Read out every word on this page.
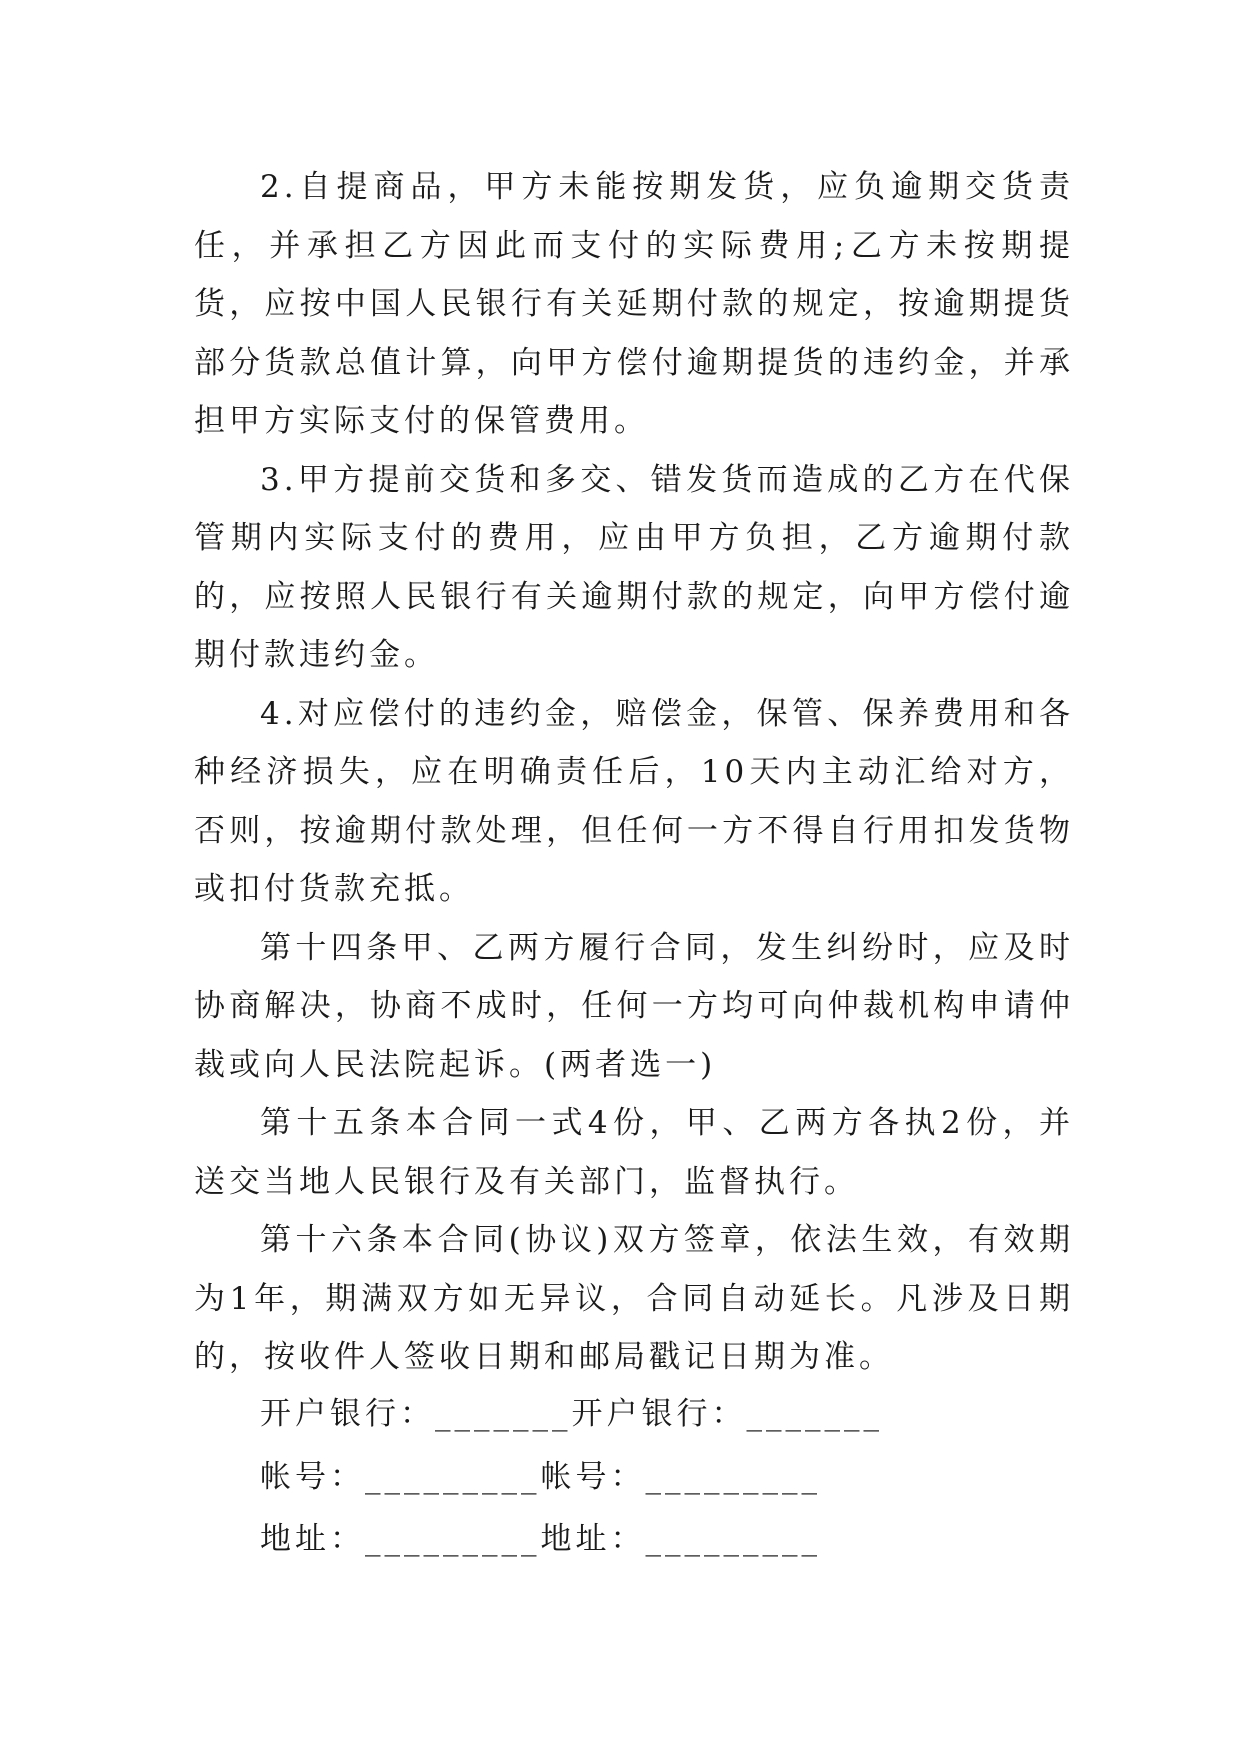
2.自提商品，甲方未能按期发货，应负逾期交货责任，并承担乙方因此而支付的实际费用;乙方未按期提货，应按中国人民银行有关延期付款的规定，按逾期提货部分货款总值计算，向甲方偿付逾期提货的违约金，并承担甲方实际支付的保管费用。

3.甲方提前交货和多交、错发货而造成的乙方在代保管期内实际支付的费用，应由甲方负担，乙方逾期付款的，应按照人民银行有关逾期付款的规定，向甲方偿付逾期付款违约金。

4.对应偿付的违约金，赔偿金，保管、保养费用和各种经济损失，应在明确责任后，10天内主动汇给对方，否则，按逾期付款处理，但任何一方不得自行用扣发货物或扣付货款充抵。

第十四条甲、乙两方履行合同，发生纠纷时，应及时协商解决，协商不成时，任何一方均可向仲裁机构申请仲裁或向人民法院起诉。(两者选一)

第十五条本合同一式4份，甲、乙两方各执2份，并送交当地人民银行及有关部门，监督执行。

第十六条本合同(协议)双方签章，依法生效，有效期为1年，期满双方如无异议，合同自动延长。凡涉及日期的，按收件人签收日期和邮局戳记日期为准。

开户银行：_______开户银行：_______
帐号：_________帐号：_________
地址：_________地址：_________
